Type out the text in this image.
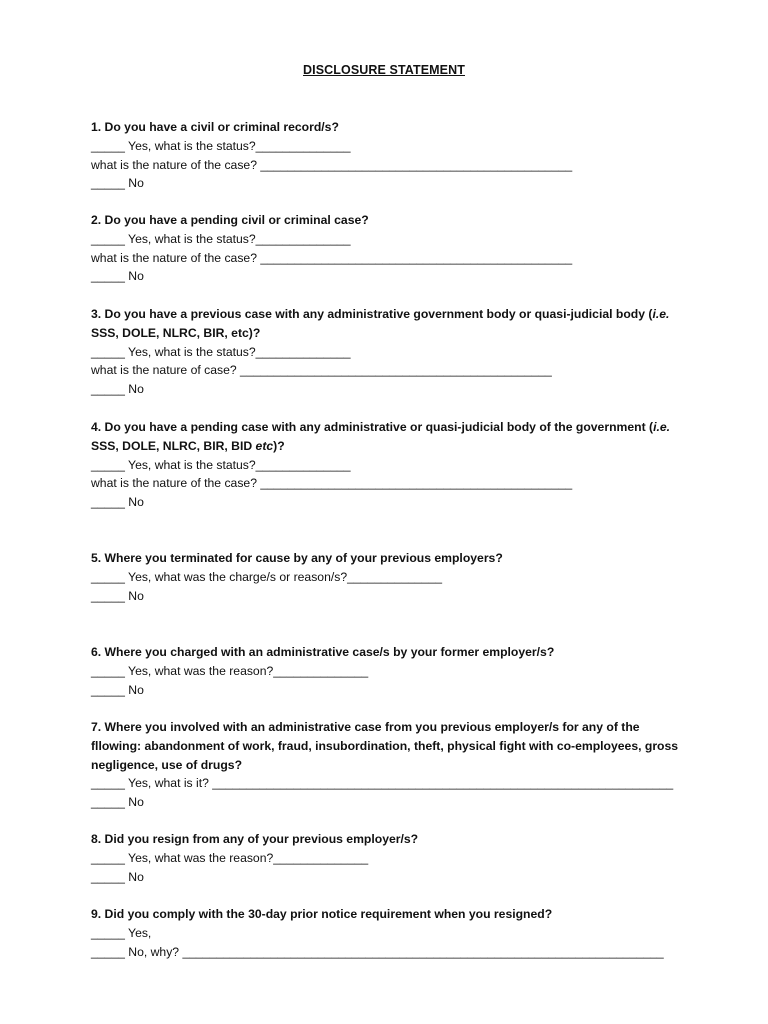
DISCLOSURE STATEMENT
1. Do you have a civil or criminal record/s?
_____ Yes, what is the status?______________
what is the nature of the case? ______________________________________________
_____ No
2. Do you have a pending civil or criminal case?
_____ Yes, what is the status?______________
what is the nature of the case? ______________________________________________
_____ No
3. Do you have a previous case with any administrative government body or quasi-judicial body (i.e.
SSS, DOLE, NLRC, BIR, etc)?
_____ Yes, what is the status?______________
what is the nature of case? ______________________________________________
_____ No
4. Do you have a pending case with any administrative or quasi-judicial body of the government (i.e.
SSS, DOLE, NLRC, BIR, BID etc)?
_____ Yes, what is the status?______________
what is the nature of the case? ______________________________________________
_____ No
5. Where you terminated for cause by any of your previous employers?
_____ Yes, what was the charge/s or reason/s?______________
_____ No
6. Where you charged with an administrative case/s by your former employer/s?
_____ Yes, what was the reason?______________
_____ No
7. Where you involved with an administrative case from you previous employer/s for any of the
fllowing: abandonment of work, fraud, insubordination, theft, physical fight with co-employees, gross
negligence, use of drugs?
_____ Yes, what is it? ____________________________________________________________________
_____ No
8. Did you resign from any of your previous employer/s?
_____ Yes, what was the reason?______________
_____ No
9. Did you comply with the 30-day prior notice requirement when you resigned?
_____ Yes,
_____ No, why? _______________________________________________________________________
